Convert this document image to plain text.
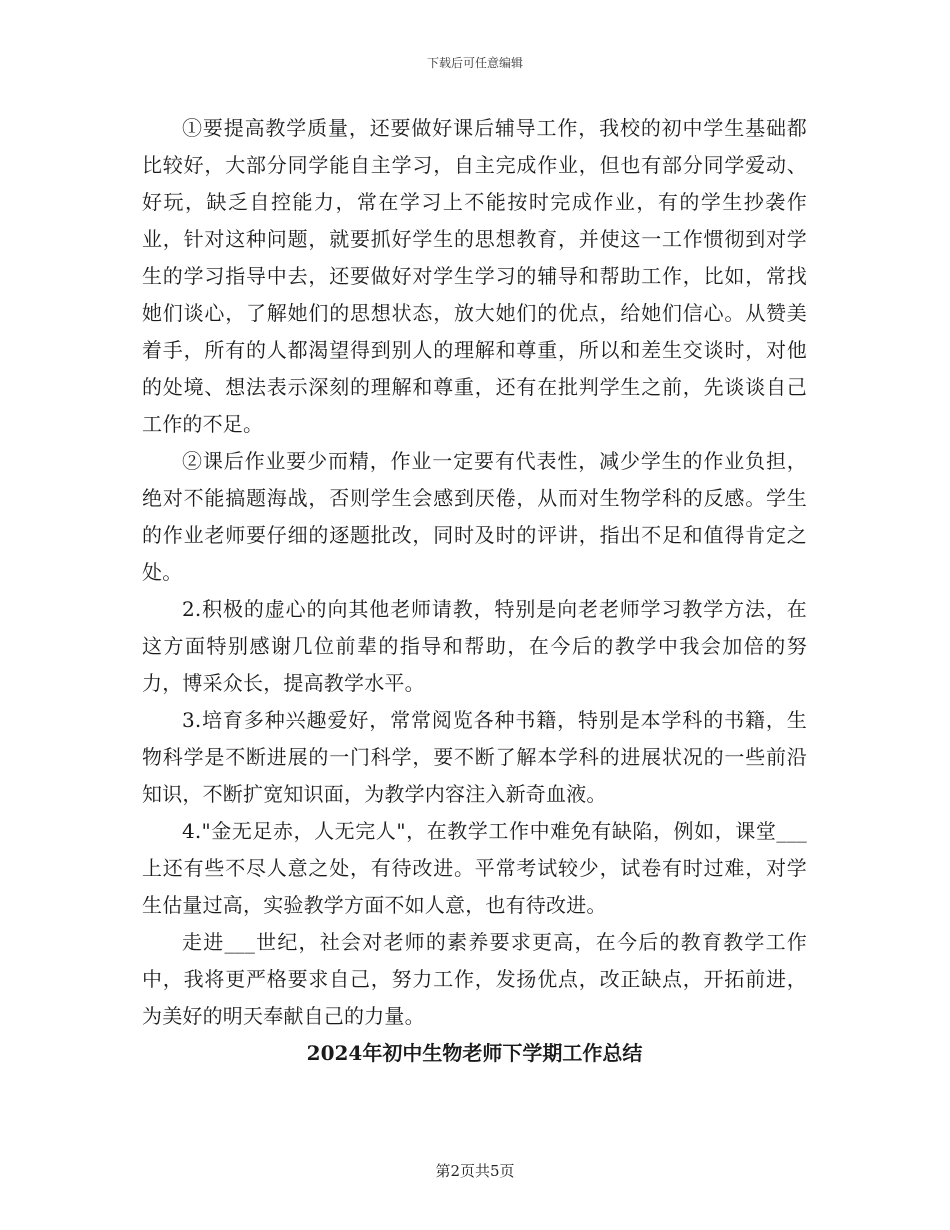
下载后可任意编辑

①要提高教学质量，还要做好课后辅导工作，我校的初中学生基础都比较好，大部分同学能自主学习，自主完成作业，但也有部分同学爱动、好玩，缺乏自控能力，常在学习上不能按时完成作业，有的学生抄袭作业，针对这种问题，就要抓好学生的思想教育，并使这一工作惯彻到对学生的学习指导中去，还要做好对学生学习的辅导和帮助工作，比如，常找她们谈心，了解她们的思想状态，放大她们的优点，给她们信心。从赞美着手，所有的人都渴望得到别人的理解和尊重，所以和差生交谈时，对他的处境、想法表示深刻的理解和尊重，还有在批判学生之前，先谈谈自己工作的不足。

②课后作业要少而精，作业一定要有代表性，减少学生的作业负担，绝对不能搞题海战，否则学生会感到厌倦，从而对生物学科的反感。学生的作业老师要仔细的逐题批改，同时及时的评讲，指出不足和值得肯定之处。

2.积极的虚心的向其他老师请教，特别是向老老师学习教学方法，在这方面特别感谢几位前辈的指导和帮助，在今后的教学中我会加倍的努力，博采众长，提高教学水平。

3.培育多种兴趣爱好，常常阅览各种书籍，特别是本学科的书籍，生物科学是不断进展的一门科学，要不断了解本学科的进展状况的一些前沿知识，不断扩宽知识面，为教学内容注入新奇血液。

4."金无足赤，人无完人"，在教学工作中难免有缺陷，例如，课堂___上还有些不尽人意之处，有待改进。平常考试较少，试卷有时过难，对学生估量过高，实验教学方面不如人意，也有待改进。

走进___世纪，社会对老师的素养要求更高，在今后的教育教学工作中，我将更严格要求自己，努力工作，发扬优点，改正缺点，开拓前进，为美好的明天奉献自己的力量。

2024年初中生物老师下学期工作总结

第2页共5页
